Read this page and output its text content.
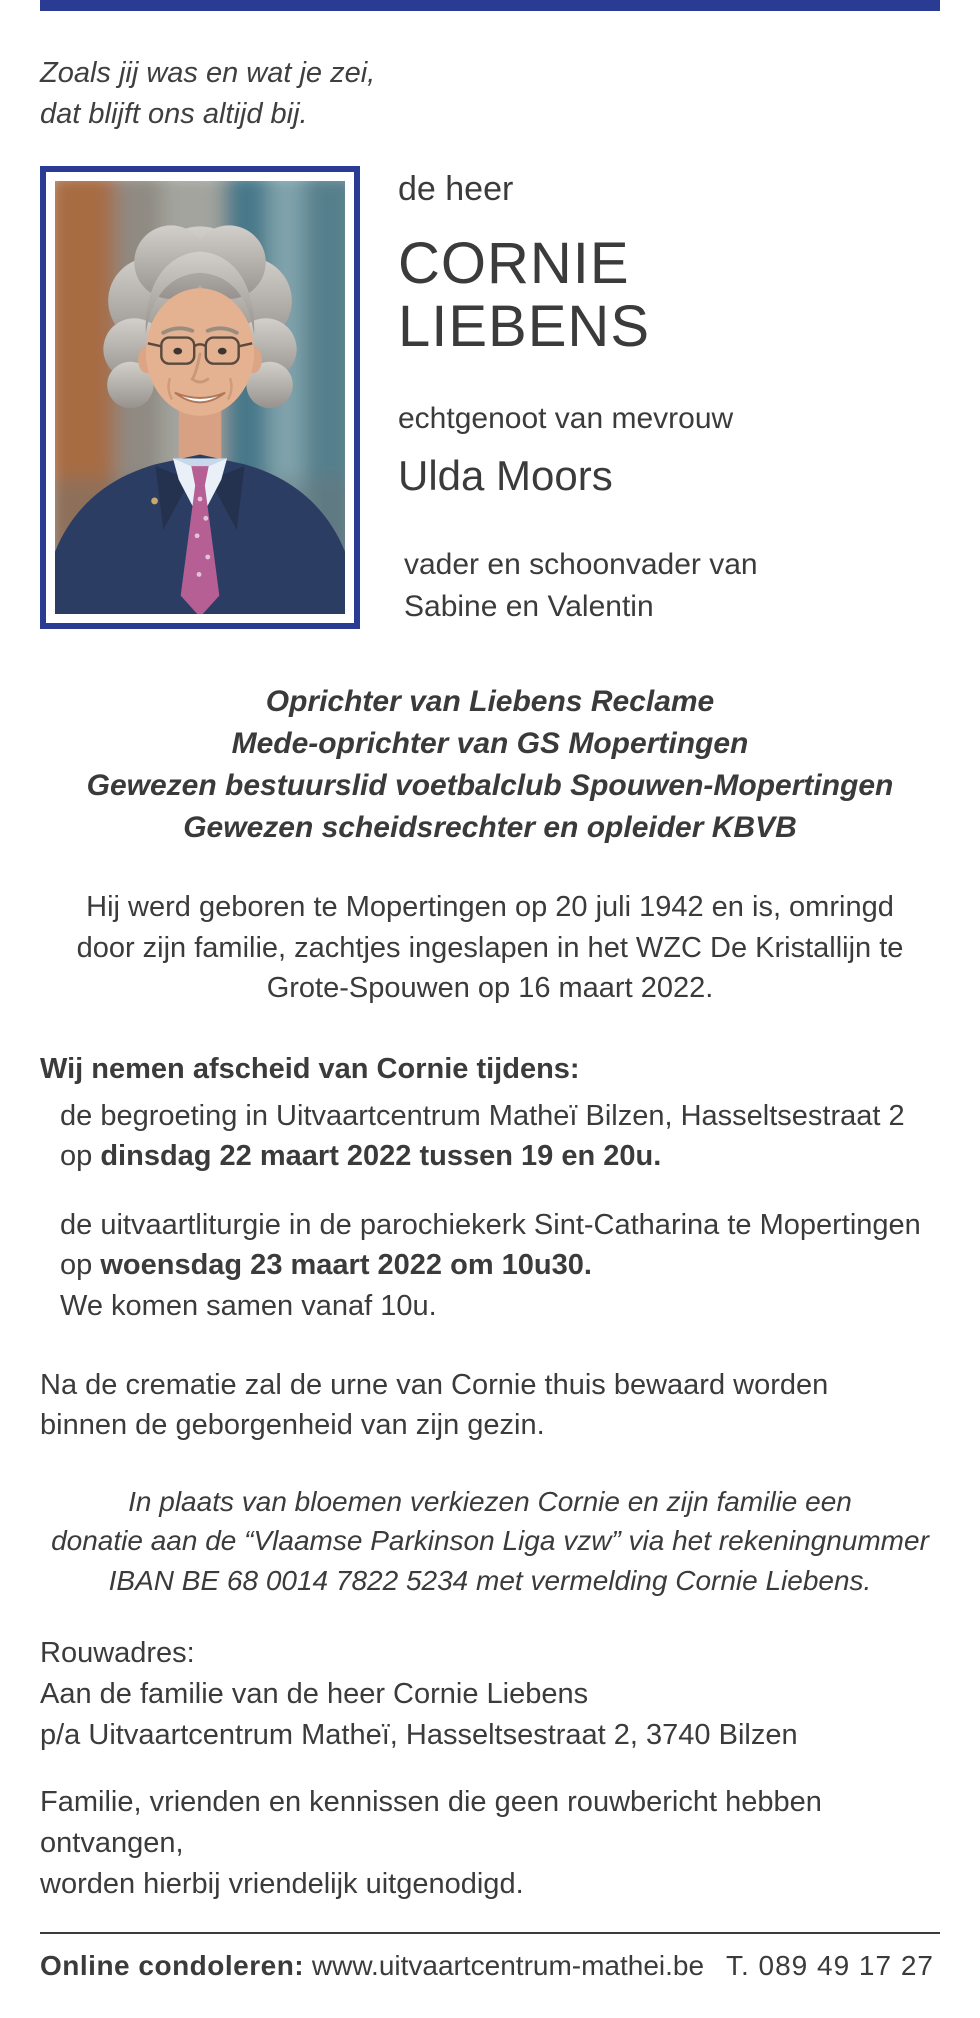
Zoals jij was en wat je zei,
dat blijft ons altijd bij.
de heer
CORNIE
LIEBENS
echtgenoot van mevrouw
Ulda Moors
vader en schoonvader van
Sabine en Valentin
Oprichter van Liebens Reclame
Mede-oprichter van GS Mopertingen
Gewezen bestuurslid voetbalclub Spouwen-Mopertingen
Gewezen scheidsrechter en opleider KBVB
Hij werd geboren te Mopertingen op 20 juli 1942 en is, omringd
door zijn familie, zachtjes ingeslapen in het WZC De Kristallijn te
Grote-Spouwen op 16 maart 2022.
Wij nemen afscheid van Cornie tijdens:
de begroeting in Uitvaartcentrum Matheï Bilzen, Hasseltsestraat 2
op dinsdag 22 maart 2022 tussen 19 en 20u.
de uitvaartliturgie in de parochiekerk Sint-Catharina te Mopertingen
op woensdag 23 maart 2022 om 10u30.
We komen samen vanaf 10u.
Na de crematie zal de urne van Cornie thuis bewaard worden
binnen de geborgenheid van zijn gezin.
In plaats van bloemen verkiezen Cornie en zijn familie een
donatie aan de “Vlaamse Parkinson Liga vzw” via het rekeningnummer
IBAN BE 68 0014 7822 5234 met vermelding Cornie Liebens.
Rouwadres:
Aan de familie van de heer Cornie Liebens
p/a Uitvaartcentrum Matheï, Hasseltsestraat 2, 3740 Bilzen
Familie, vrienden en kennissen die geen rouwbericht hebben ontvangen,
worden hierbij vriendelijk uitgenodigd.
Online condoleren: www.uitvaartcentrum-mathei.be T. 089 49 17 27
